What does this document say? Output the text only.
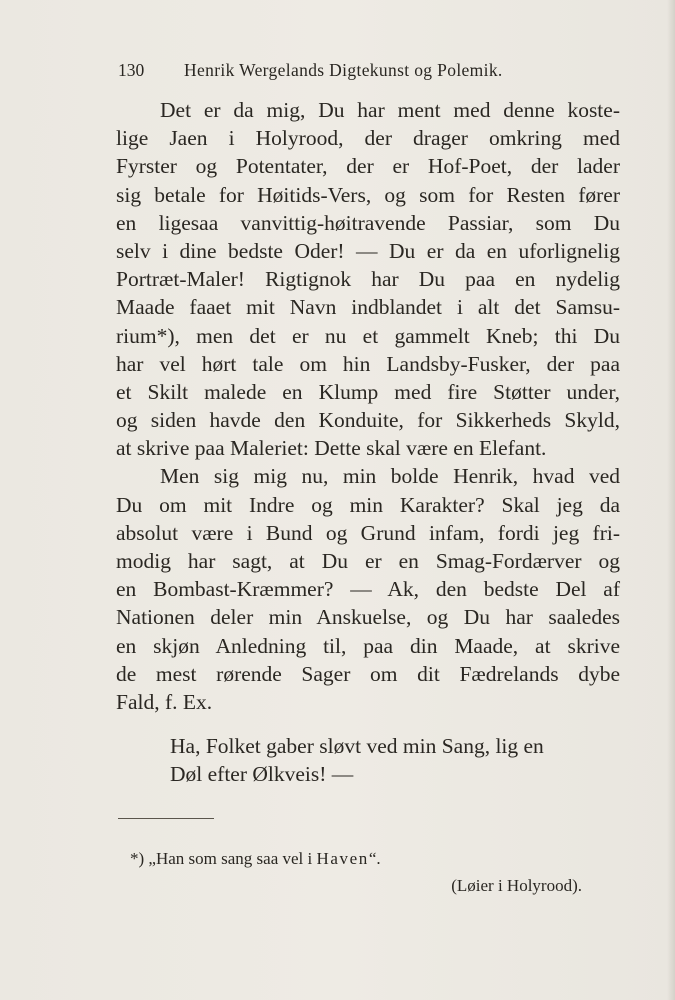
130 Henrik Wergelands Digtekunst og Polemik.
Det er da mig, Du har ment med denne koste-
lige Jaen i Holyrood, der drager omkring med
Fyrster og Potentater, der er Hof-Poet, der lader
sig betale for Høitids-Vers, og som for Resten fører
en ligesaa vanvittig-høitravende Passiar, som Du
selv i dine bedste Oder! — Du er da en uforlignelig
Portræt-Maler! Rigtignok har Du paa en nydelig
Maade faaet mit Navn indblandet i alt det Samsu-
rium*), men det er nu et gammelt Kneb; thi Du
har vel hørt tale om hin Landsby-Fusker, der paa
et Skilt malede en Klump med fire Støtter under,
og siden havde den Konduite, for Sikkerheds Skyld,
at skrive paa Maleriet: Dette skal være en Elefant.
Men sig mig nu, min bolde Henrik, hvad ved
Du om mit Indre og min Karakter? Skal jeg da
absolut være i Bund og Grund infam, fordi jeg fri-
modig har sagt, at Du er en Smag-Fordærver og
en Bombast-Kræmmer? — Ak, den bedste Del af
Nationen deler min Anskuelse, og Du har saaledes
en skjøn Anledning til, paa din Maade, at skrive
de mest rørende Sager om dit Fædrelands dybe
Fald, f. Ex.
Ha, Folket gaber sløvt ved min Sang, lig en
Døl efter Ølkveis! —
*) „Han som sang saa vel i Haven“.
(Løier i Holyrood).
